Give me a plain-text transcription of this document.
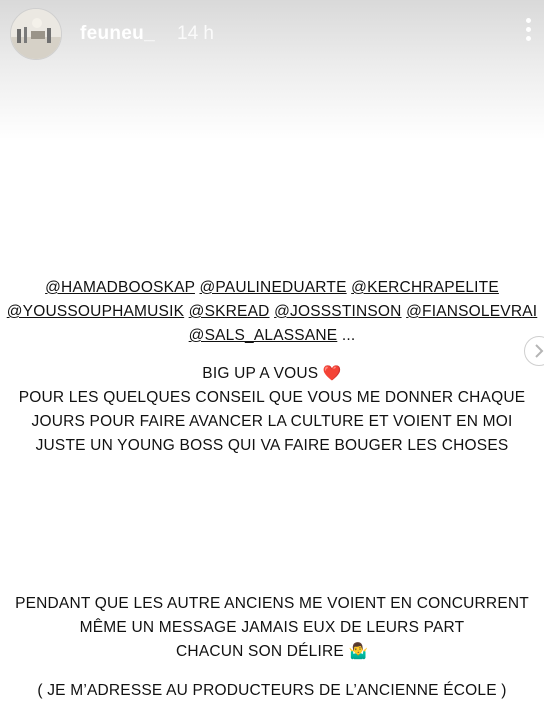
feuneu_ 14 h
@HAMADBOOSKAP @PAULINEDUARTE @KERCHRAPELITE
@YOUSSOUPHAMUSIK @SKREAD @JOSSSTINSON @FIANSOLEVRAI
@SALS_ALASSANE ...
BIG UP A VOUS ❤️
POUR LES QUELQUES CONSEIL QUE VOUS ME DONNER CHAQUE
JOURS POUR FAIRE AVANCER LA CULTURE ET VOIENT EN MOI
JUSTE UN YOUNG BOSS QUI VA FAIRE BOUGER LES CHOSES
PENDANT QUE LES AUTRE ANCIENS ME VOIENT EN CONCURRENT
MÊME UN MESSAGE JAMAIS EUX DE LEURS PART
CHACUN SON DÉLIRE 🤷‍♂️
( JE M’ADRESSE AU PRODUCTEURS DE L’ANCIENNE ÉCOLE )
